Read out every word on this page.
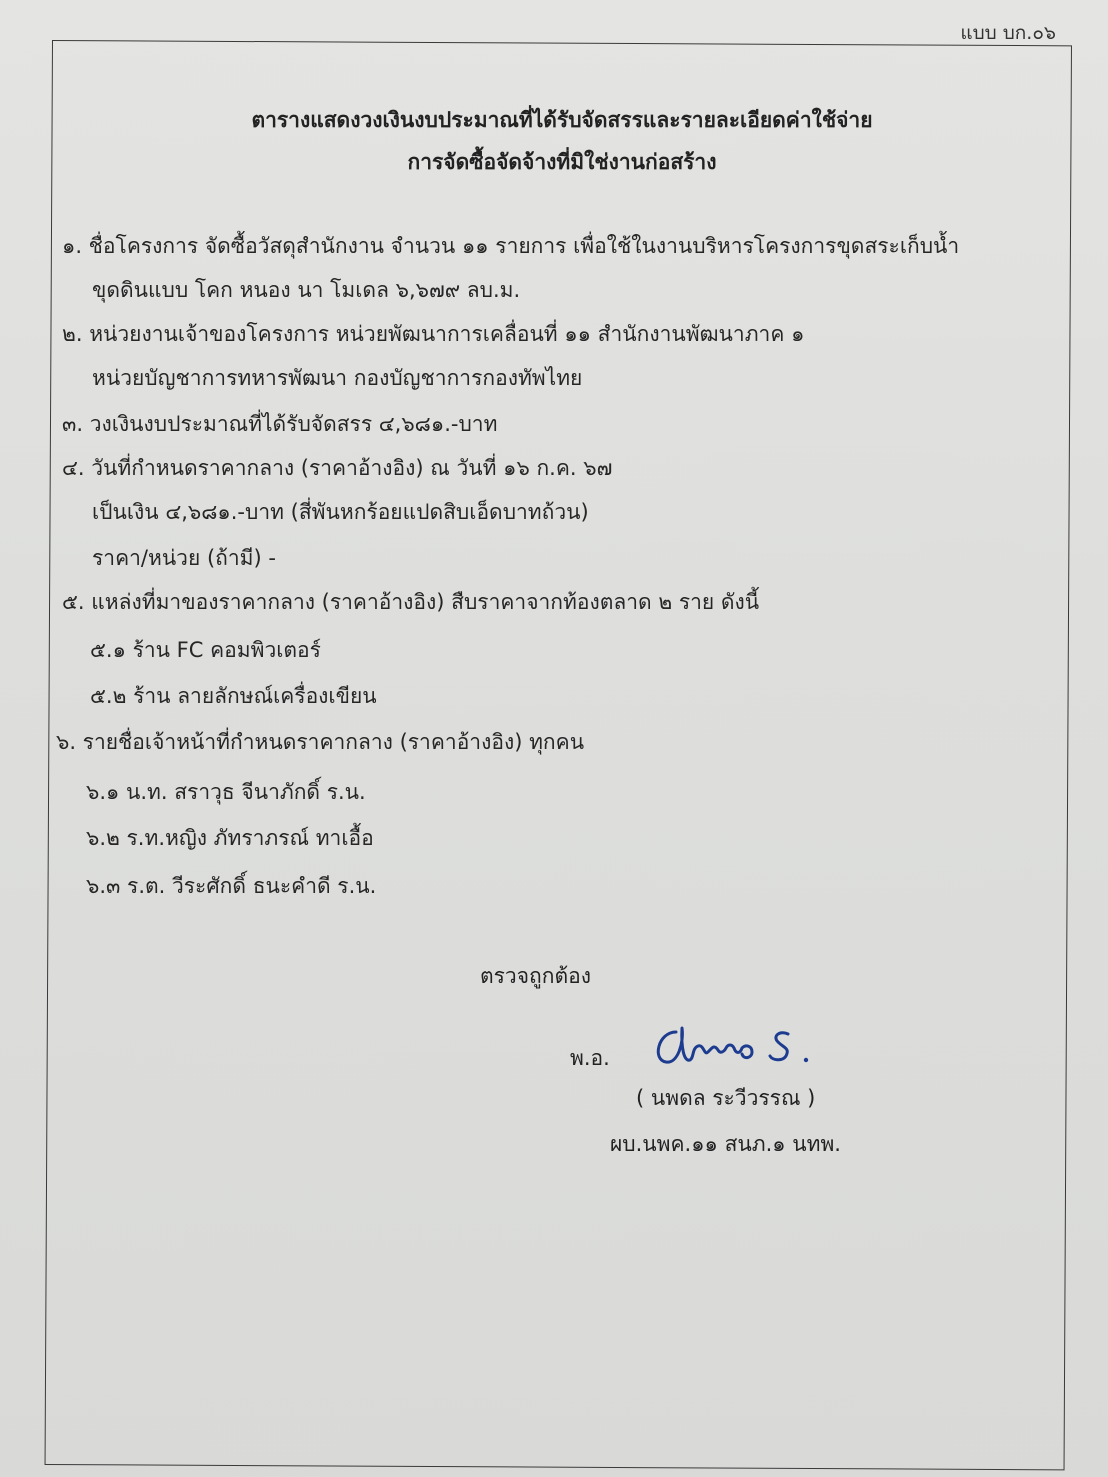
แบบ บก.๐๖
ตารางแสดงวงเงินงบประมาณที่ได้รับจัดสรรและรายละเอียดค่าใช้จ่าย
การจัดซื้อจัดจ้างที่มิใช่งานก่อสร้าง
๑. ชื่อโครงการ จัดซื้อวัสดุสำนักงาน จำนวน ๑๑ รายการ เพื่อใช้ในงานบริหารโครงการขุดสระเก็บน้ำ
ขุดดินแบบ โคก หนอง นา โมเดล ๖,๖๗๙ ลบ.ม.
๒. หน่วยงานเจ้าของโครงการ หน่วยพัฒนาการเคลื่อนที่ ๑๑ สำนักงานพัฒนาภาค ๑
หน่วยบัญชาการทหารพัฒนา กองบัญชาการกองทัพไทย
๓. วงเงินงบประมาณที่ได้รับจัดสรร ๔,๖๘๑.-บาท
๔. วันที่กำหนดราคากลาง (ราคาอ้างอิง) ณ วันที่ ๑๖ ก.ค. ๖๗
เป็นเงิน ๔,๖๘๑.-บาท (สี่พันหกร้อยแปดสิบเอ็ดบาทถ้วน)
ราคา/หน่วย (ถ้ามี) -
๕. แหล่งที่มาของราคากลาง (ราคาอ้างอิง) สืบราคาจากท้องตลาด ๒ ราย ดังนี้
๕.๑ ร้าน FC คอมพิวเตอร์
๕.๒ ร้าน ลายลักษณ์เครื่องเขียน
๖. รายชื่อเจ้าหน้าที่กำหนดราคากลาง (ราคาอ้างอิง) ทุกคน
๖.๑ น.ท. สราวุธ จีนาภักดิ์ ร.น.
๖.๒ ร.ท.หญิง ภัทราภรณ์ ทาเอื้อ
๖.๓ ร.ต. วีระศักดิ์ ธนะคำดี ร.น.
ตรวจถูกต้อง
พ.อ.
( นพดล ระวีวรรณ )
ผบ.นพค.๑๑ สนภ.๑ นทพ.
